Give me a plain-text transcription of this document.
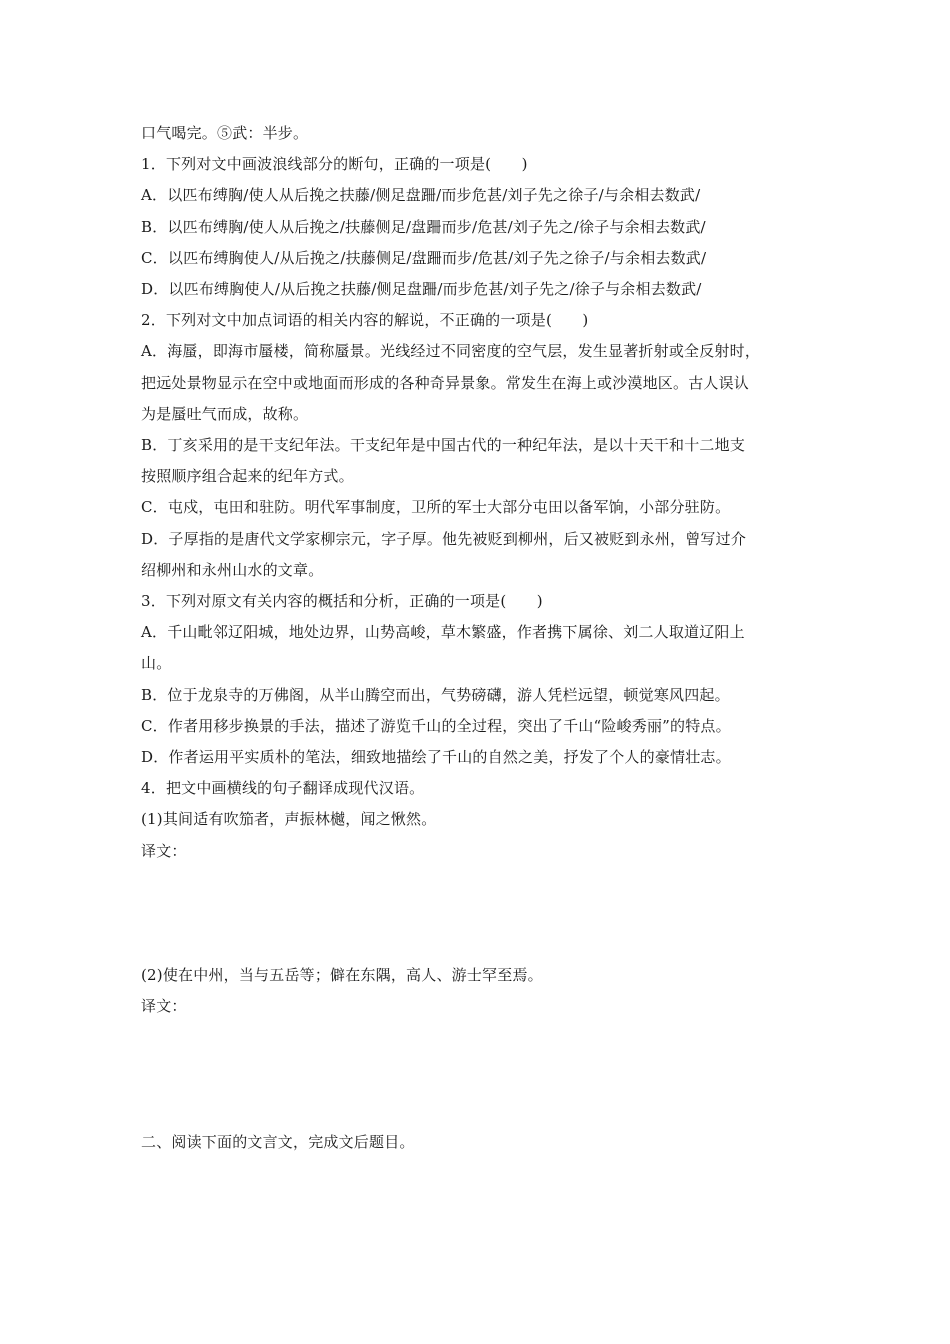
口气喝完。⑤武：半步。
1．下列对文中画波浪线部分的断句，正确的一项是(　　)
A．以匹布缚胸/使人从后挽之扶藤/侧足盘跚/而步危甚/刘子先之徐子/与余相去数武/
B．以匹布缚胸/使人从后挽之/扶藤侧足/盘跚而步/危甚/刘子先之/徐子与余相去数武/
C．以匹布缚胸使人/从后挽之/扶藤侧足/盘跚而步/危甚/刘子先之徐子/与余相去数武/
D．以匹布缚胸使人/从后挽之扶藤/侧足盘跚/而步危甚/刘子先之/徐子与余相去数武/
2．下列对文中加点词语的相关内容的解说，不正确的一项是(　　)
A．海蜃，即海市蜃楼，简称蜃景。光线经过不同密度的空气层，发生显著折射或全反射时，
把远处景物显示在空中或地面而形成的各种奇异景象。常发生在海上或沙漠地区。古人误认
为是蜃吐气而成，故称。
B．丁亥采用的是干支纪年法。干支纪年是中国古代的一种纪年法，是以十天干和十二地支
按照顺序组合起来的纪年方式。
C．屯戍，屯田和驻防。明代军事制度，卫所的军士大部分屯田以备军饷，小部分驻防。
D．子厚指的是唐代文学家柳宗元，字子厚。他先被贬到柳州，后又被贬到永州，曾写过介
绍柳州和永州山水的文章。
3．下列对原文有关内容的概括和分析，正确的一项是(　　)
A．千山毗邻辽阳城，地处边界，山势高峻，草木繁盛，作者携下属徐、刘二人取道辽阳上
山。
B．位于龙泉寺的万佛阁，从半山腾空而出，气势磅礴，游人凭栏远望，顿觉寒风四起。
C．作者用移步换景的手法，描述了游览千山的全过程，突出了千山“险峻秀丽”的特点。
D．作者运用平实质朴的笔法，细致地描绘了千山的自然之美，抒发了个人的豪情壮志。
4．把文中画横线的句子翻译成现代汉语。
(1)其间适有吹笳者，声振林樾，闻之愀然。
译文：
(2)使在中州，当与五岳等；僻在东隅，高人、游士罕至焉。
译文：
二、阅读下面的文言文，完成文后题目。
